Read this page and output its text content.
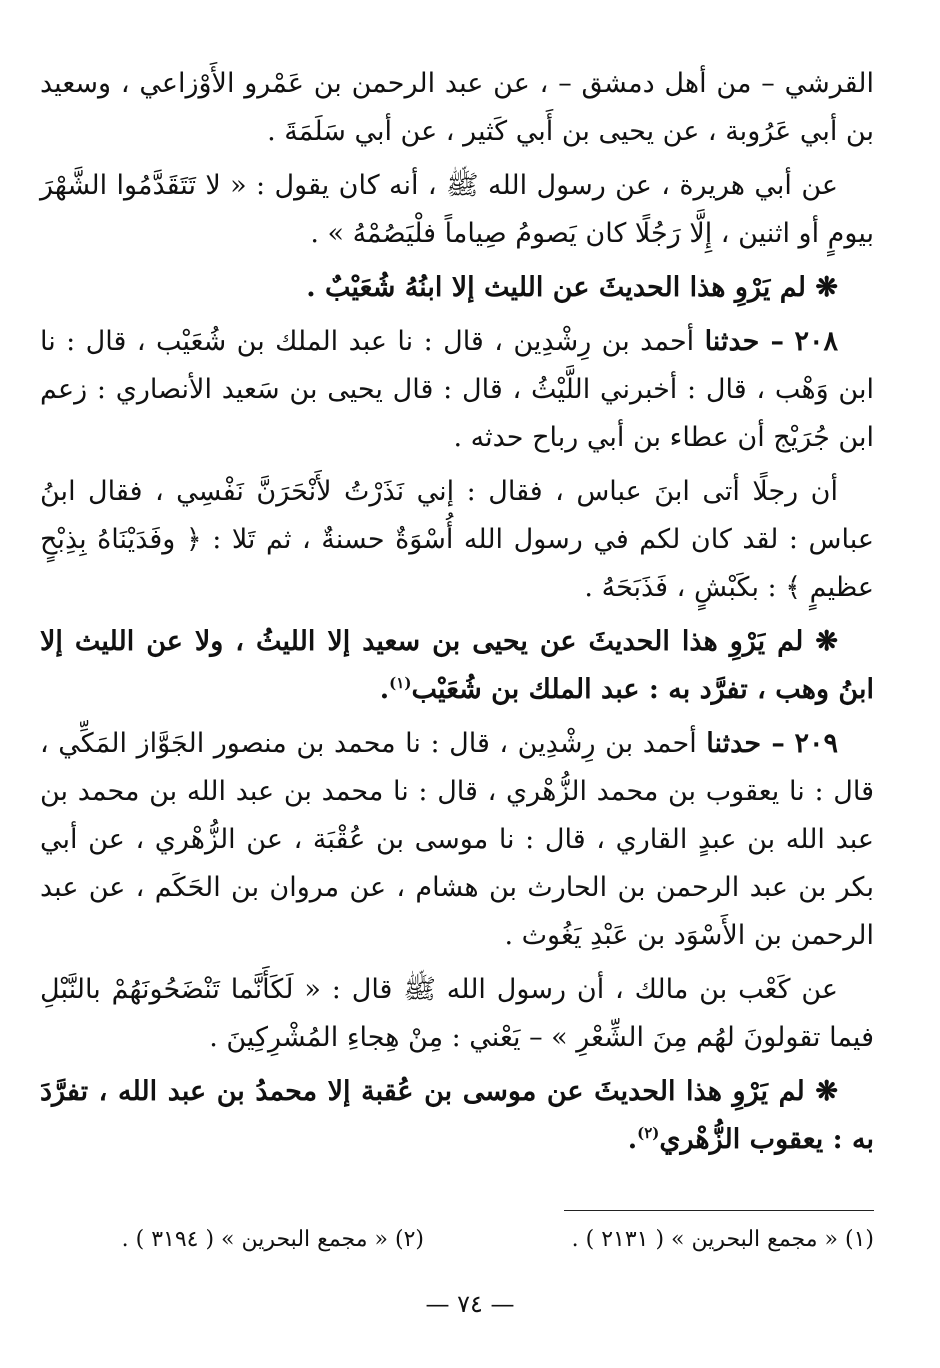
القرشي – من أهل دمشق – ، عن عبد الرحمن بن عَمْرو الأَوْزاعي ، وسعيد بن أبي عَرُوبة ، عن يحيى بن أَبي كَثير ، عن أبي سَلَمَةَ .

عن أبي هريرة ، عن رسول الله ﷺ ، أنه كان يقول : « لا تَتَقَدَّمُوا الشَّهْرَ بيومٍ أو اثنين ، إِلَّا رَجُلًا كان يَصومُ صِياماً فلْيَصُمْهُ » .

❋ لم يَرْوِ هذا الحديثَ عن الليث إلا ابنُهُ شُعَيْبٌ .

٢٠٨ – حدثنا أحمد بن رِشْدِين ، قال : نا عبد الملك بن شُعَيْب ، قال : نا ابن وَهْب ، قال : أخبرني اللَّيْثُ ، قال : قال يحيى بن سَعيد الأنصاري : زعم ابن جُرَيْج أن عطاء بن أبي رباح حدثه .

أن رجلًا أتى ابنَ عباس ، فقال : إني نَذَرْتُ لأَنْحَرَنَّ نَفْسِي ، فقال ابنُ عباس : لقد كان لكم في رسول الله أُسْوَةٌ حسنةٌ ، ثم تَلا : ﴿ وفَدَيْنَاهُ بِذِبْحٍ عظيمٍ ﴾ : بكَبْشٍ ، فَذَبَحَهُ .

❋ لم يَرْوِ هذا الحديثَ عن يحيى بن سعيد إلا الليثُ ، ولا عن الليث إلا ابنُ وهب ، تفرَّد به : عبد الملك بن شُعَيْب$^{(١)}$.

٢٠٩ – حدثنا أحمد بن رِشْدِين ، قال : نا محمد بن منصور الجَوَّاز المَكِّي ، قال : نا يعقوب بن محمد الزُّهْري ، قال : نا محمد بن عبد الله بن محمد بن عبد الله بن عبدٍ القاري ، قال : نا موسى بن عُقْبَة ، عن الزُّهْري ، عن أبي بكر بن عبد الرحمن بن الحارث بن هشام ، عن مروان بن الحَكَم ، عن عبد الرحمن بن الأَسْوَد بن عَبْدِ يَغُوث .

عن كَعْب بن مالك ، أن رسول الله ﷺ قال : « لَكَأَنَّما تَنْضَحُونَهُمْ بالنَّبْلِ فيما تقولونَ لهُم مِنَ الشِّعْرِ » – يَعْني : مِنْ هِجاءِ المُشْرِكِينَ .

❋ لم يَرْوِ هذا الحديثَ عن موسى بن عُقبة إلا محمدُ بن عبد الله ، تفرَّدَ به : يعقوب الزُّهْري$^{(٢)}$.

(١) « مجمع البحرين » ( ٢١٣١ ) .
(٢) « مجمع البحرين » ( ٣١٩٤ ) .
— ٧٤ —
